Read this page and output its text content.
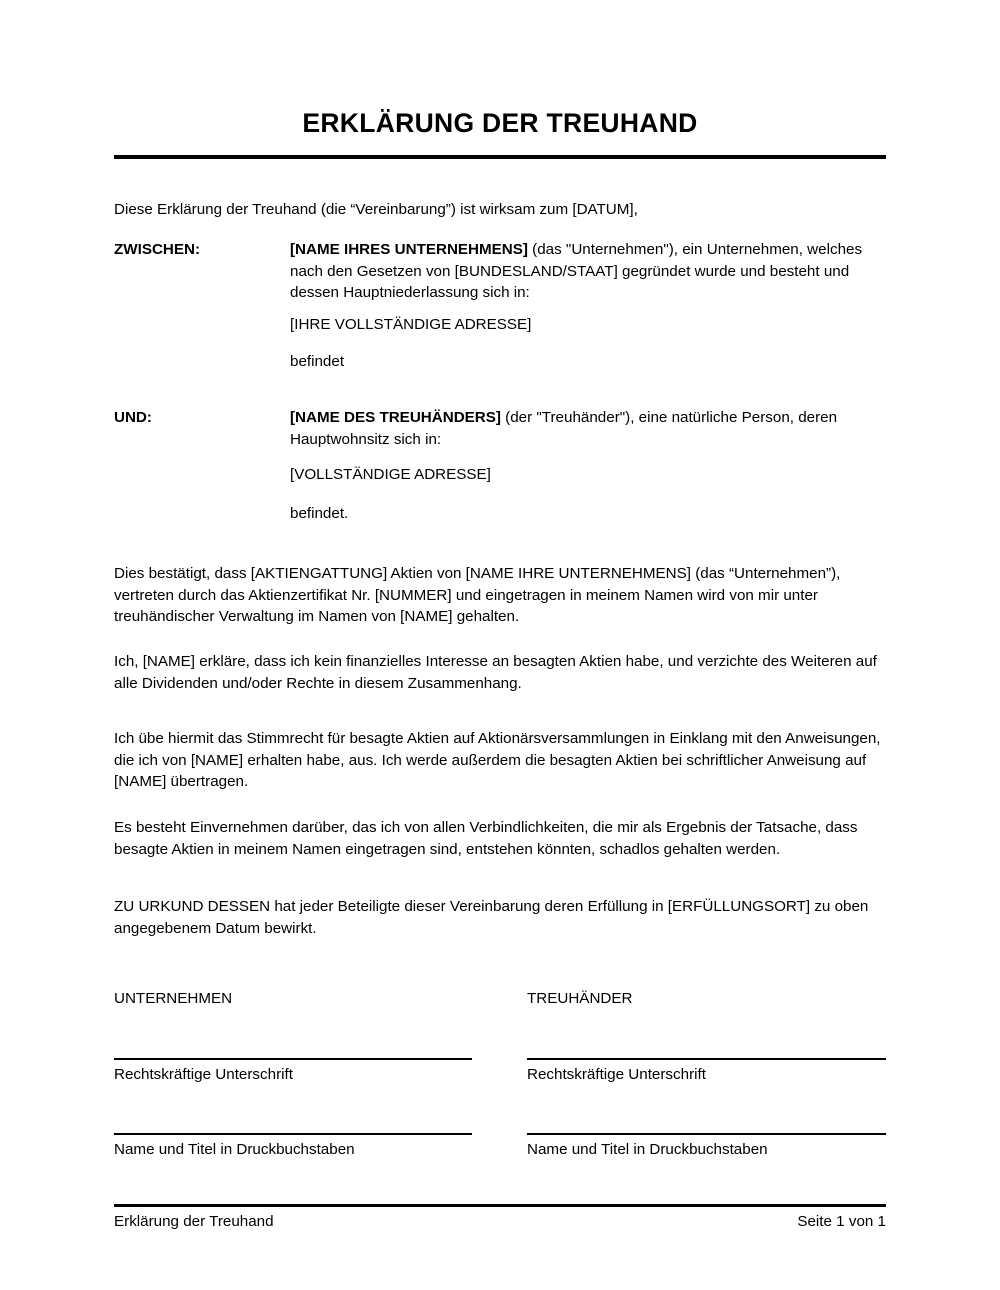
ERKLÄRUNG DER TREUHAND
Diese Erklärung der Treuhand (die “Vereinbarung”) ist wirksam zum [DATUM],
ZWISCHEN:	[NAME IHRES UNTERNEHMENS] (das "Unternehmen"), ein Unternehmen, welches nach den Gesetzen von [BUNDESLAND/STAAT] gegründet wurde und besteht und dessen Hauptniederlassung sich in:
[IHRE VOLLSTÄNDIGE ADRESSE]
befindet
UND:	[NAME DES TREUHÄNDERS] (der "Treuhänder"), eine natürliche Person, deren Hauptwohnsitz sich in:
[VOLLSTÄNDIGE ADRESSE]
befindet.
Dies bestätigt, dass [AKTIENGATTUNG] Aktien von [NAME IHRE UNTERNEHMENS] (das “Unternehmen”), vertreten durch das Aktienzertifikat Nr. [NUMMER] und eingetragen in meinem Namen wird von mir unter treuhändischer Verwaltung im Namen von [NAME] gehalten.
Ich, [NAME] erkläre, dass ich kein finanzielles Interesse an besagten Aktien habe, und verzichte des Weiteren auf alle Dividenden und/oder Rechte in diesem Zusammenhang.
Ich übe hiermit das Stimmrecht für besagte Aktien auf Aktionärsversammlungen in Einklang mit den Anweisungen, die ich von [NAME] erhalten habe, aus. Ich werde außerdem die besagten Aktien bei schriftlicher Anweisung auf [NAME] übertragen.
Es besteht Einvernehmen darüber, das ich von allen Verbindlichkeiten, die mir als Ergebnis der Tatsache, dass besagte Aktien in meinem Namen eingetragen sind, entstehen könnten, schadlos gehalten werden.
ZU URKUND DESSEN hat jeder Beteiligte dieser Vereinbarung deren Erfüllung in [ERFÜLLUNGSORT] zu oben angegebenem Datum bewirkt.
UNTERNEHMEN	TREUHÄNDER
Rechtskräftige Unterschrift	Rechtskräftige Unterschrift
Name und Titel in Druckbuchstaben	Name und Titel in Druckbuchstaben
Erklärung der Treuhand	Seite 1 von 1
